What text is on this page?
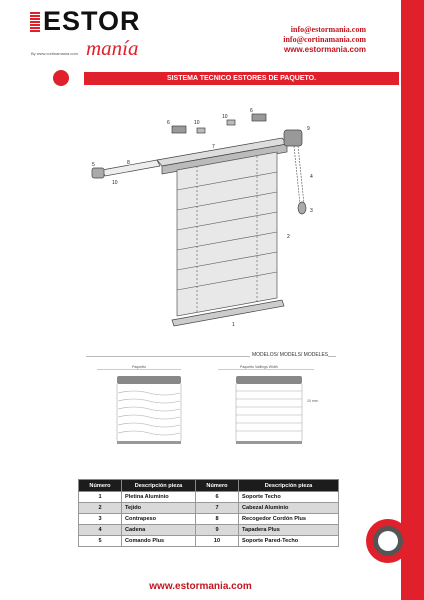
ESTOR
manía
By www.cortinamania.com
info@estormania.com
info@cortinamania.com
www.estormania.com
SISTEMA TECNICO ESTORES DE PAQUETO.
6	10
10
6
7
5	8
9
10
4
3
2
1
MODELOS/ MODELS/ MODELES
Paquetto	Paquetto Vaillings Width
10 mm
Número	Descripción pieza	Número	Descripción pieza
1	Pletina Aluminio	6	Soporte Techo
2	Tejido	7	Cabezal Aluminio
3	Contrapeso	8	Recogedor Cordón Plus
4	Cadena	9	Tapadera Plus
5	Comando Plus	10	Soporte Pared-Techo
www.estormania.com
